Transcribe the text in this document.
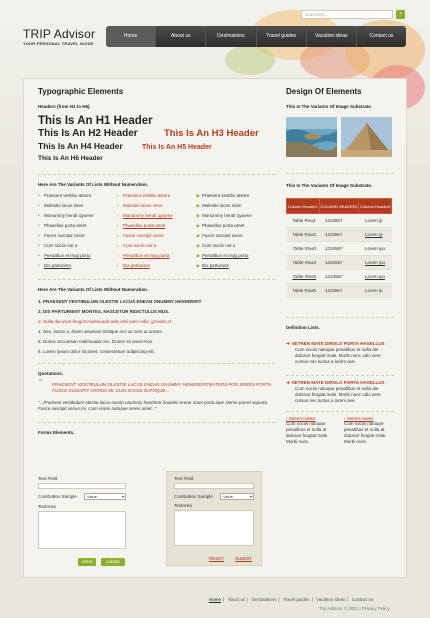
searching...	›
TRIP Advisor
YOUR PERSONAL TRAVEL GUIDE
Home	About us	Destinations	Travel guides	Vacation ideas	Contact us
Typographic Elements
Headers (from H1 to H6).
This Is An H1 Header
This Is An H2 Header	This Is An H3 Header
This Is An H4 Header	This Is An H5 Header
This Is An H6 Header
Here Are The Variants Of Lists Without Numeration.
• Praesent vestibu atesre
• Molestie lacus siren
• Monummy hendr qyuene
• Phasellus porta amet
• Fusce suscipit vasre
• Cum sociis nat a
• Penatibus et mag porta
• Dis parturient
› Praesent vestibu atesre
› Molestie lacus siren
› Monummy hendr qyuene
› Phasellus porta amet
› Fusce suscipit vasre
› Cum sociis nat a
› Penatibus et mag porta
› Dis parturient
◆ Praesent vestibu atesre
◆ Molestie lacus siren
◆ Monummy hendr qyuene
◆ Phasellus porta amet
◆ Fusce suscipit vasre
◆ Cum sociis nat a
◆ Penatibus et mag porta
◆ Dis parturient
Here Are The Variants Of Lists Without Numeration.
1. PRAESENT VESTIBULUM OLESTIE LACUS ENEAN ONUMMY HENDRERIT
2. DIS PARTURIENT MONTES, NASCETUR RIDICTULUS MUS.
3. Nulla dui usce feugiat malesuada odio orbi nunc odio, gravida at.
4. Nec, luctus a, lorem aeaenas tristique orci ac sem ut uncies.
5. Donec accumsan malesuada orci. Donec sit amet eros.
6. Lorem ipsum dolor sit amet, consectetuer adipiscing elit.
Quotations.
“ PRAESENT VESTIBULUM OLESTIE LACUS ENEAN ONUMMY HENDRERITMATERS POR SEREN PORTA. FUSCE SUSCIPIT VARIUS MI. CUM SOCIIS NATOQUE...
"...Praesent vestibulum olestie lacus enean onummy hendrerit hauelen erene maet porta ique sterne preret seporta. Fusce suscipit varius mi. Cum sociis natoque seren amet..."
Forms Elements.
Text Field
ComboBox Sample	Value	▾
TextArea
reset	submit
Text Field
ComboBox Sample	Value	▾
TextArea
RESET SUBMIT
Design Of Elements
This Is The Variants Of Image Substrate.
This Is The Variants Of Image Substrate.
Column Header1	COLUMN HEADER2	Column Header3
Table Row1	1234567	Lorem ip
Table Row2	1234567	Lorem ip
Table Row3	1234567	Lorem ipu
Table Row4	1234567	Lorem ipu
Table Row5	1234567	Lorem ipu
Table Row6	1234567	Lorem ip
Definition Lists.
➜ SETREN MATE DIROLO PORTA HASELLUS
Cum sociis natoque penatibus et nulla ate dulusce feugiat male. Morbi nunc odio sere cursus nec luctus a lorem ave.
➜ SETREN MATE DIROLO PORTA HASELLUS
Cum sociis natoque penatibus et nulla ate dulusce feugiat male. Morbi nunc odio sere cursus nec luctus a lorem ave.
› Setren mates
Cum sociis natoque penatibus et nulla at dulusce feugiat male. Morbi nunc.
› Setren mates
Cum sociis natoque penatibus et nulla at dulusce feugiat male. Morbi nunc.
Home | About us | Destinations | Travel guides | Vacation ideas | Contact us
Trip Advisor © 2011 | Privacy Policy
